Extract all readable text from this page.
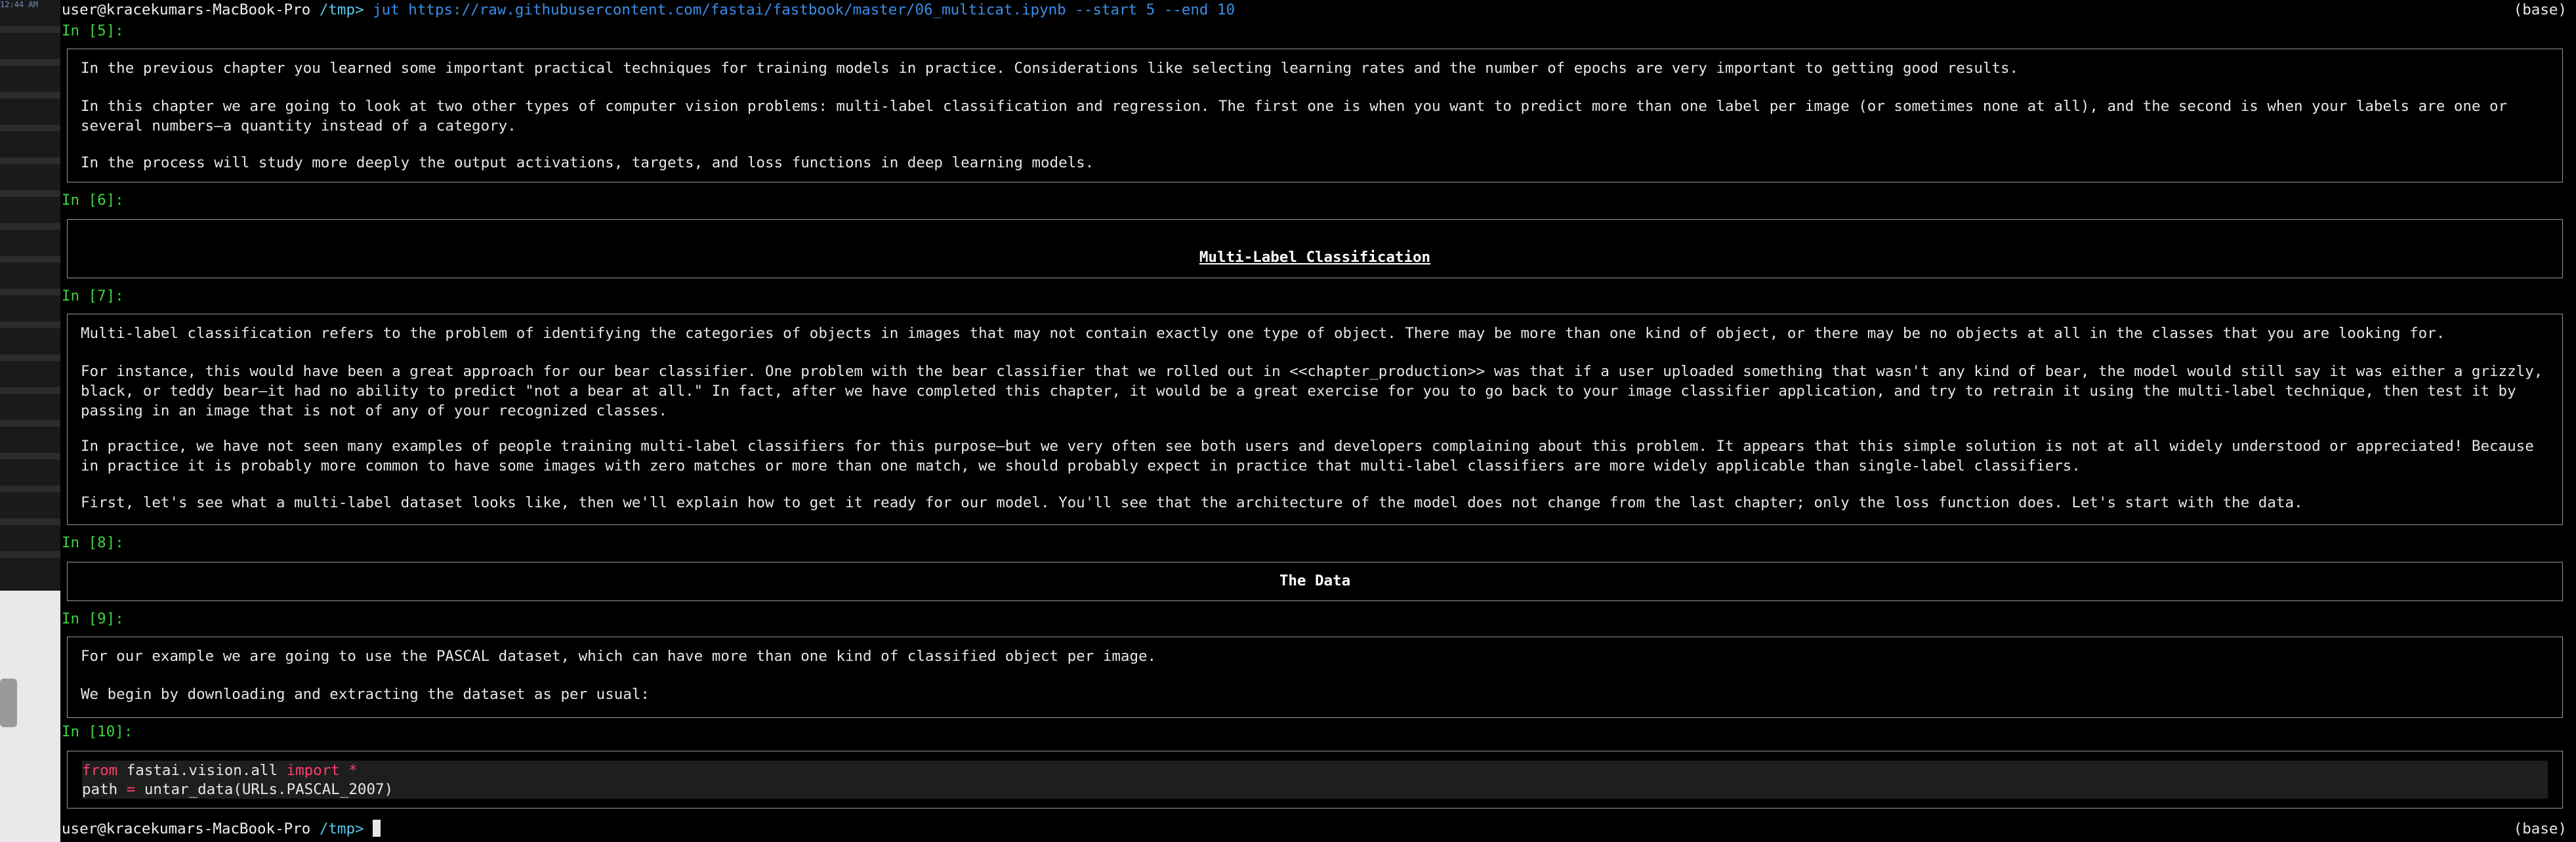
12:44 AM user@kracekumars-MacBook-Pro /tmp> jut https://raw.githubusercontent.com/fastai/fastbook/master/06_multicat.ipynb --start 5 --end 10	(base)
In [5]:

In the previous chapter you learned some important practical techniques for training models in practice. Considerations like selecting learning rates and the number of epochs are very important to getting good results.

In this chapter we are going to look at two other types of computer vision problems: multi-label classification and regression. The first one is when you want to predict more than one label per image (or sometimes none at all), and the second is when your labels are one or several numbers—a quantity instead of a category.

In the process will study more deeply the output activations, targets, and loss functions in deep learning models.

In [6]:
Multi-Label Classification
In [7]:

Multi-label classification refers to the problem of identifying the categories of objects in images that may not contain exactly one type of object. There may be more than one kind of object, or there may be no objects at all in the classes that you are looking for.

For instance, this would have been a great approach for our bear classifier. One problem with the bear classifier that we rolled out in <<chapter_production>> was that if a user uploaded something that wasn't any kind of bear, the model would still say it was either a grizzly, black, or teddy bear—it had no ability to predict "not a bear at all." In fact, after we have completed this chapter, it would be a great exercise for you to go back to your image classifier application, and try to retrain it using the multi-label technique, then test it by passing in an image that is not of any of your recognized classes.

In practice, we have not seen many examples of people training multi-label classifiers for this purpose—but we very often see both users and developers complaining about this problem. It appears that this simple solution is not at all widely understood or appreciated! Because in practice it is probably more common to have some images with zero matches or more than one match, we should probably expect in practice that multi-label classifiers are more widely applicable than single-label classifiers.

First, let's see what a multi-label dataset looks like, then we'll explain how to get it ready for our model. You'll see that the architecture of the model does not change from the last chapter; only the loss function does. Let's start with the data.

In [8]:
The Data
In [9]:

For our example we are going to use the PASCAL dataset, which can have more than one kind of classified object per image.

We begin by downloading and extracting the dataset as per usual:

In [10]:
from fastai.vision.all import *
path = untar_data(URLs.PASCAL_2007)
user@kracekumars-MacBook-Pro /tmp>	(base)
